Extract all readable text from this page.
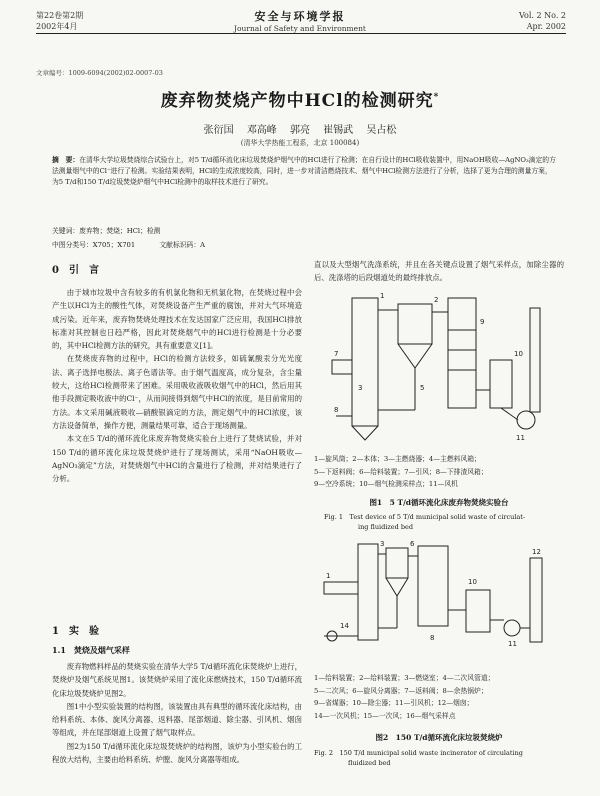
第22卷第2期
2002年4月
安全与环境学报
Journal of Safety and Environment
Vol. 2 No. 2
Apr. 2002
文章编号：1009-6094(2002)02-0007-03
废弃物焚烧产物中HCl的检测研究*
张衍国 邓高峰 郭亮 崔锡武 吴占松
(清华大学热能工程系，北京 100084)
摘　要：在清华大学垃圾焚烧综合试验台上，对5 T/d循环流化床垃圾焚烧炉烟气中的HCl进行了检测；在自行设计的HCl吸收装置中，用NaOH吸收—AgNO₃滴定的方法测量烟气中的Cl⁻进行了检测。实验结果表明，HCl的生成浓度较高，同时，进一步对清洁燃烧技术、烟气中HCl检测方法进行了分析，选择了更为合理的测量方案，为5 T/d和150 T/d垃圾焚烧炉烟气中HCl检测中的取样技术进行了研究。
关键词：废弃物；焚烧；HCl；检测
中图分类号：X705；X701	文献标识码：A
0　引　言

由于城市垃圾中含有较多的有机氯化物和无机氯化物，在焚烧过程中会产生以HCl为主的酸性气体，对焚烧设备产生严重的腐蚀，并对大气环境造成污染。近年来，废弃物焚烧处理技术在发达国家广泛应用，我国HCl排放标准对其控制也日趋严格，因此对焚烧烟气中的HCl进行检测是十分必要的，其中HCl检测方法的研究，具有重要意义[1]。

在焚烧废弃物的过程中，HCl的检测方法较多，如硫氰酸汞分光光度法、离子选择电极法、离子色谱法等。由于烟气温度高，成分复杂，含尘量较大，这给HCl检测带来了困难。采用吸收液吸收烟气中的HCl，然后用其他手段测定吸收液中的Cl⁻，从而间接得到烟气中HCl的浓度，是目前常用的方法。本文采用碱液吸收—硝酸银滴定的方法，测定烟气中的HCl浓度，该方法设备简单，操作方便，测量结果可靠，适合于现场测量。

本文在5 T/d的循环流化床废弃物焚烧实验台上进行了焚烧试验，并对150 T/d的循环流化床垃圾焚烧炉进行了现场测试，采用“NaOH吸收—AgNO₃滴定”方法，对焚烧烟气中HCl的含量进行了检测，并对结果进行了分析。

1　实　验
1.1　焚烧及烟气采样

废弃物燃料样品的焚烧实验在清华大学5 T/d循环流化床焚烧炉上进行，焚烧炉及烟气系统见图1。该焚烧炉采用了流化床燃烧技术，150 T/d循环流化床垃圾焚烧炉见图2。

图1中小型实验装置的结构图，该装置由具有典型的循环流化床结构，由给料系统、本体、旋风分离器、返料器、尾部烟道、除尘器、引风机、烟囱等组成，并在尾部烟道上设置了烟气取样点。

图2为150 T/d循环流化床垃圾焚烧炉的结构图，该炉为小型实验台的工程放大结构，主要由给料系统、炉膛、旋风分离器等组成。

直以及大型烟气洗涤系统，并且在各关键点设置了烟气采样点，加除尘器的后、洗涤塔的后段烟道处的最终排放点。

1	2
3
7
9
10
11
5
8
1—旋风筒；2—本体；3—主燃烧器；4—主燃料风箱；
5—下返料阀；6—给料装置；7—引风；8—下排渣风箱；
9—空冷系统；10—烟气检测采样点；11—风机
图1　5 T/d循环流化床废弃物焚烧实验台
Fig. 1　Test device of 5 T/d municipal solid waste of circulat-
ing fluidized bed
1
3	6
8
10
11
12
14
1—给料装置；2—给料装置；3—燃烧室；4—二次风管道；
5—二次风；6—旋风分离器；7—返料阀；8—余热锅炉；
9—省煤器；10—除尘器；11—引风机；12—烟囱；
14—一次风机；15—一次风；16—烟气采样点
图2　150 T/d循环流化床垃圾焚烧炉
Fig. 2　150 T/d municipal solid waste incinerator of circulating
fluidized bed
